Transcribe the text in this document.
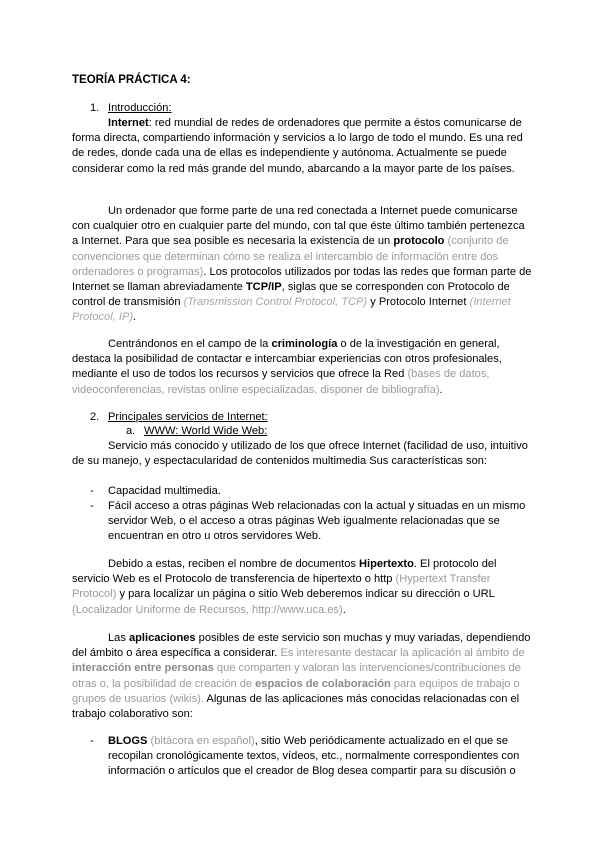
TEORÍA PRÁCTICA 4:
1. Introducción:
Internet: red mundial de redes de ordenadores que permite a éstos comunicarse de forma directa, compartiendo información y servicios a lo largo de todo el mundo. Es una red de redes, donde cada una de ellas es independiente y autónoma. Actualmente se puede considerar como la red más grande del mundo, abarcando a la mayor parte de los países.
Un ordenador que forme parte de una red conectada a Internet puede comunicarse con cualquier otro en cualquier parte del mundo, con tal que éste último también pertenezca a Internet. Para que sea posible es necesaria la existencia de un protocolo (conjunto de convenciones que determinan cómo se realiza el intercambio de información entre dos ordenadores o programas). Los protocolos utilizados por todas las redes que forman parte de Internet se llaman abreviadamente TCP/IP, siglas que se corresponden con Protocolo de control de transmisión (Transmission Control Protocol, TCP) y Protocolo Internet (Internet Protocol, IP).
Centrándonos en el campo de la criminología o de la investigación en general, destaca la posibilidad de contactar e intercambiar experiencias con otros profesionales, mediante el uso de todos los recursos y servicios que ofrece la Red (bases de datos, videoconferencias, revistas online especializadas, disponer de bibliografía).
2. Principales servicios de Internet:
a. WWW: World Wide Web:
Servicio más conocido y utilizado de los que ofrece Internet (facilidad de uso, intuitivo de su manejo, y espectacularidad de contenidos multimedia Sus características son:
- Capacidad multimedia.
- Fácil acceso a otras páginas Web relacionadas con la actual y situadas en un mismo servidor Web, o el acceso a otras páginas Web igualmente relacionadas que se encuentran en otro u otros servidores Web.
Debido a estas, reciben el nombre de documentos Hipertexto. El protocolo del servicio Web es el Protocolo de transferencia de hipertexto o http (Hypertext Transfer Protocol) y para localizar un página o sitio Web deberemos indicar su dirección o URL (Localizador Uniforme de Recursos, http://www.uca.es).
Las aplicaciones posibles de este servicio son muchas y muy variadas, dependiendo del ámbito o área específica a considerar. Es interesante destacar la aplicación al ámbito de interacción entre personas que comparten y valoran las intervenciones/contribuciones de otras o, la posibilidad de creación de espacios de colaboración para equipos de trabajo o grupos de usuarios (wikis). Algunas de las aplicaciones más conocidas relacionadas con el trabajo colaborativo son:
- BLOGS (bitácora en español), sitio Web periódicamente actualizado en el que se recopilan cronológicamente textos, vídeos, etc., normalmente correspondientes con información o artículos que el creador de Blog desea compartir para su discusión o
